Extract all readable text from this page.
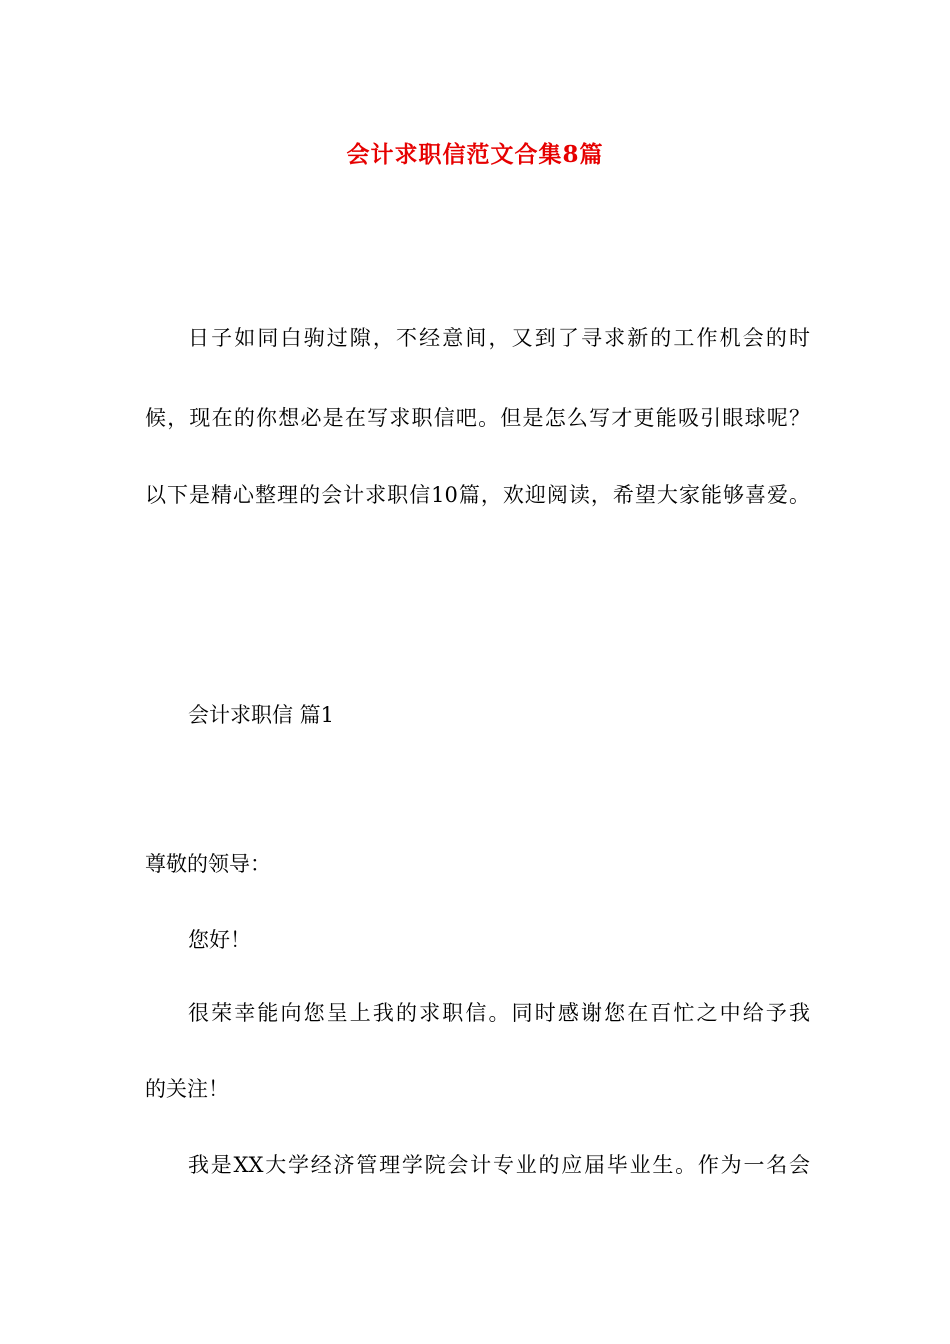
会计求职信范文合集8篇
日子如同白驹过隙，不经意间，又到了寻求新的工作机会的时
候，现在的你想必是在写求职信吧。但是怎么写才更能吸引眼球呢？
以下是精心整理的会计求职信10篇，欢迎阅读，希望大家能够喜爱。
会计求职信 篇1
尊敬的领导：
您好！
很荣幸能向您呈上我的求职信。同时感谢您在百忙之中给予我
的关注！
我是XX大学经济管理学院会计专业的应届毕业生。作为一名会
